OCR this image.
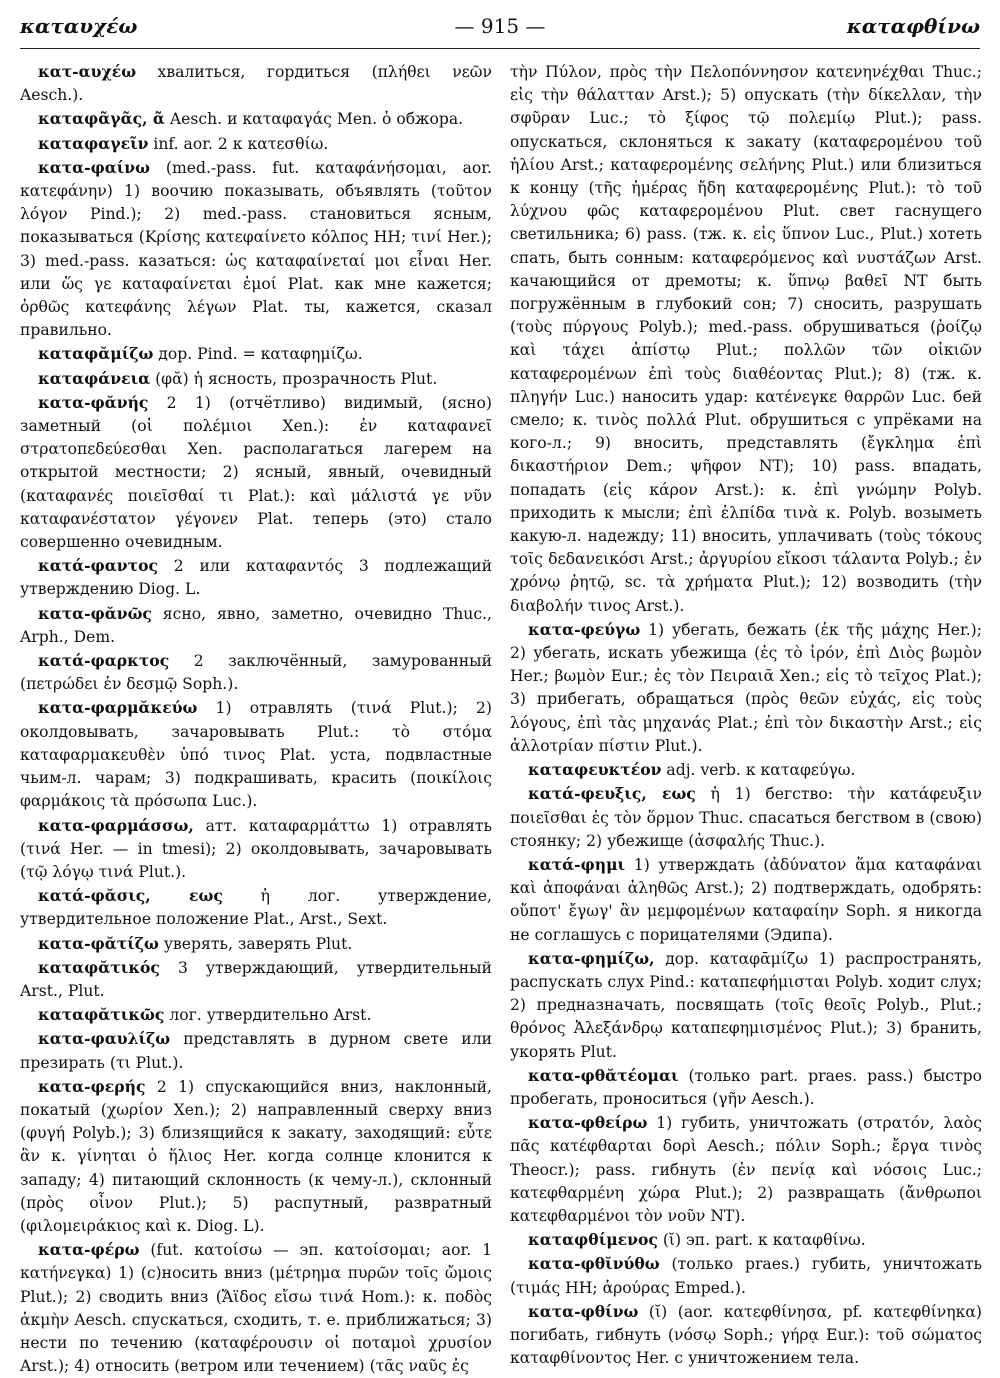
καταυχέω	— 915 —	καταφθίνω

κατ-αυχέω хвалиться, гордиться (πλήθει νεῶν Aesch.).

καταφᾶγᾶς, ᾶ Aesch. и καταφαγάς Men. ὁ обжора.

καταφαγεῖν inf. aor. 2 к κατεσθίω.

κατα-φαίνω (med.-pass. fut. καταφάνήσομαι, aor. κατεφάνην) 1) воочию показывать, объявлять (τοῦτον λόγον Pind.); 2) med.-pass. становиться ясным, показываться (Κρίσης κατεφαίνετο κόλπος HH; τινί Her.); 3) med.-pass. казаться: ὡς καταφαίνεταί μοι εἶναι Her. или ὥς γε καταφαίνεται ἐμοί Plat. как мне кажется; ὀρθῶς κατεφάνης λέγων Plat. ты, кажется, сказал правильно.

καταφᾰμίζω дор. Pind. = καταφημίζω.

καταφάνεια (φᾰ) ἡ ясность, прозрачность Plut.

κατα-φᾰνής 2 1) (отчётливо) видимый, (ясно) заметный (οἱ πολέμιοι Xen.): ἐν καταφανεῖ στρατοπεδεύεσθαι Xen. располагаться лагерем на открытой местности; 2) ясный, явный, очевидный (καταφανές ποιεῖσθαί τι Plat.): καὶ μάλιστά γε νῦν καταφανέστατον γέγονεν Plat. теперь (это) стало совершенно очевидным.

κατά-φαντος 2 или καταφαντός 3 подлежащий утверждению Diog. L.

κατα-φᾰνῶς ясно, явно, заметно, очевидно Thuc., Arph., Dem.

κατά-φαρκτος 2 заключённый, замурованный (πετρώδει ἐν δεσμῷ Soph.).

κατα-φαρμᾰκεύω 1) отравлять (τινά Plut.); 2) околдовывать, зачаровывать Plut.: τὸ στόμα καταφαρμακευθὲν ὑπό τινος Plat. уста, подвластные чьим-л. чарам; 3) подкрашивать, красить (ποικίλοις φαρμάκοις τὰ πρόσωπα Luc.).

κατα-φαρμάσσω, атт. καταφαρμάττω 1) отравлять (τινά Her. — in tmesi); 2) околдовывать, зачаровывать (τῷ λόγῳ τινά Plut.).

κατά-φᾰσις, εως ἡ лог. утверждение, утвердительное положение Plat., Arst., Sext.

κατα-φᾰτίζω уверять, заверять Plut.

καταφᾰτικός 3 утверждающий, утвердительный Arst., Plut.

καταφᾰτικῶς лог. утвердительно Arst.

κατα-φαυλίζω представлять в дурном свете или презирать (τι Plut.).

κατα-φερής 2 1) спускающийся вниз, наклонный, покатый (χωρίον Xen.); 2) направленный сверху вниз (φυγή Polyb.); 3) близящийся к закату, заходящий: εὖτε ἂν κ. γίνηται ὁ ἥλιος Her. когда солнце клонится к западу; 4) питающий склонность (к чему-л.), склонный (πρὸς οἶνον Plut.); 5) распутный, развратный (φιλομειράκιος καὶ κ. Diog. L).

κατα-φέρω (fut. κατοίσω — эп. κατοίσομαι; aor. 1 κατήνεγκα) 1) (с)носить вниз (μέτρημα πυρῶν τοῖς ὤμοις Plut.); 2) сводить вниз (Ἄϊδος εἴσω τινά Hom.): κ. ποδὸς ἀκμὴν Aesch. спускаться, сходить, т. е. приближаться; 3) нести по течению (καταφέρουσιν οἱ ποταμοὶ χρυσίον Arst.); 4) относить (ветром или течением) (τᾶς ναῦς ἐς

τὴν Πύλον, πρὸς τὴν Πελοπόννησον κατενηνέχθαι Thuc.; εἰς τὴν θάλατταν Arst.); 5) опускать (τὴν δίκελλαν, τὴν σφῦραν Luc.; τὸ ξίφος τῷ πολεμίῳ Plut.); pass. опускаться, склоняться к закату (καταφερομένου τοῦ ἡλίου Arst.; καταφερομένης σελήνης Plut.) или близиться к концу (τῆς ἡμέρας ἤδη καταφερομένης Plut.): τὸ τοῦ λύχνου φῶς καταφερομένου Plut. свет гаснущего светильника; 6) pass. (тж. κ. εἰς ὕπνον Luc., Plut.) хотеть спать, быть сонным: καταφερόμενος καὶ νυστάζων Arst. качающийся от дремоты; κ. ὕπνῳ βαθεῖ NT быть погружённым в глубокий сон; 7) сносить, разрушать (τοὺς πύργους Polyb.); med.-pass. обрушиваться (ῥοίζῳ καὶ τάχει ἀπίστῳ Plut.; πολλῶν τῶν οἰκιῶν καταφερομένων ἐπὶ τοὺς διαθέοντας Plut.); 8) (тж. κ. πληγήν Luc.) наносить удар: κατένεγκε θαρρῶν Luc. бей смело; κ. τινὸς πολλά Plut. обрушиться с упрёками на кого-л.; 9) вносить, представлять (ἔγκλημα ἐπὶ δικαστήριον Dem.; ψῆφον NT); 10) pass. впадать, попадать (εἰς κάρον Arst.): κ. ἐπὶ γνώμην Polyb. приходить к мысли; ἐπὶ ἐλπίδα τινὰ κ. Polyb. возыметь какую-л. надежду; 11) вносить, уплачивать (τοὺς τόκους τοῖς δεδανεικόσι Arst.; ἀργυρίου εἴκοσι τάλαντα Polyb.; ἐν χρόνῳ ῥητῷ, sc. τὰ χρήματα Plut.); 12) возводить (τὴν διαβολήν τινος Arst.).

κατα-φεύγω 1) убегать, бежать (ἐκ τῆς μάχης Her.); 2) убегать, искать убежища (ἐς τὸ ἱρόν, ἐπὶ Διὸς βωμὸν Her.; βωμὸν Eur.; ἐς τὸν Πειραιᾶ Xen.; εἰς τὸ τεῖχος Plat.); 3) прибегать, обращаться (πρὸς θεῶν εὐχάς, εἰς τοὺς λόγους, ἐπὶ τὰς μηχανάς Plat.; ἐπὶ τὸν δικαστὴν Arst.; εἰς ἀλλοτρίαν πίστιν Plut.).

καταφευκτέον adj. verb. к καταφεύγω.

κατά-φευξις, εως ἡ 1) бегство: τὴν κατάφευξιν ποιεῖσθαι ἐς τὸν ὅρμον Thuc. спасаться бегством в (свою) стоянку; 2) убежище (ἀσφαλής Thuc.).

κατά-φημι 1) утверждать (ἀδύνατον ἅμα καταφάναι καὶ ἀποφάναι ἀληθῶς Arst.); 2) подтверждать, одобрять: οὔποτ' ἔγωγ' ἂν μεμφομένων καταφαίην Soph. я никогда не соглашусь с порицателями (Эдипа).

κατα-φημίζω, дор. καταφᾱμίζω 1) распространять, распускать слух Pind.: καταπεφήμισται Polyb. ходит слух; 2) предназначать, посвящать (τοῖς θεοῖς Polyb., Plut.; θρόνος Ἀλεξάνδρῳ καταπεφημισμένος Plut.); 3) бранить, укорять Plut.

κατα-φθᾰτέομαι (только part. praes. pass.) быстро пробегать, проноситься (γῆν Aesch.).

κατα-φθείρω 1) губить, уничтожать (στρατόν, λαὸς πᾶς κατέφθαρται δορὶ Aesch.; πόλιν Soph.; ἔργα τινὸς Theocr.); pass. гибнуть (ἐν πενίᾳ καὶ νόσοις Luc.; κατεφθαρμένη χώρα Plut.); 2) развращать (ἄνθρωποι κατεφθαρμένοι τὸν νοῦν NT).

καταφθίμενος (ῐ) эп. part. к καταφθίνω.

κατα-φθῐνύθω (только praes.) губить, уничтожать (τιμάς HH; ἀρούρας Emped.).

κατα-φθίνω (ῐ) (aor. κατεφθίνησα, pf. κατεφθίνηκα) погибать, гибнуть (νόσῳ Soph.; γήρᾳ Eur.): τοῦ σώματος καταφθίνοντος Her. с уничтожением тела.
